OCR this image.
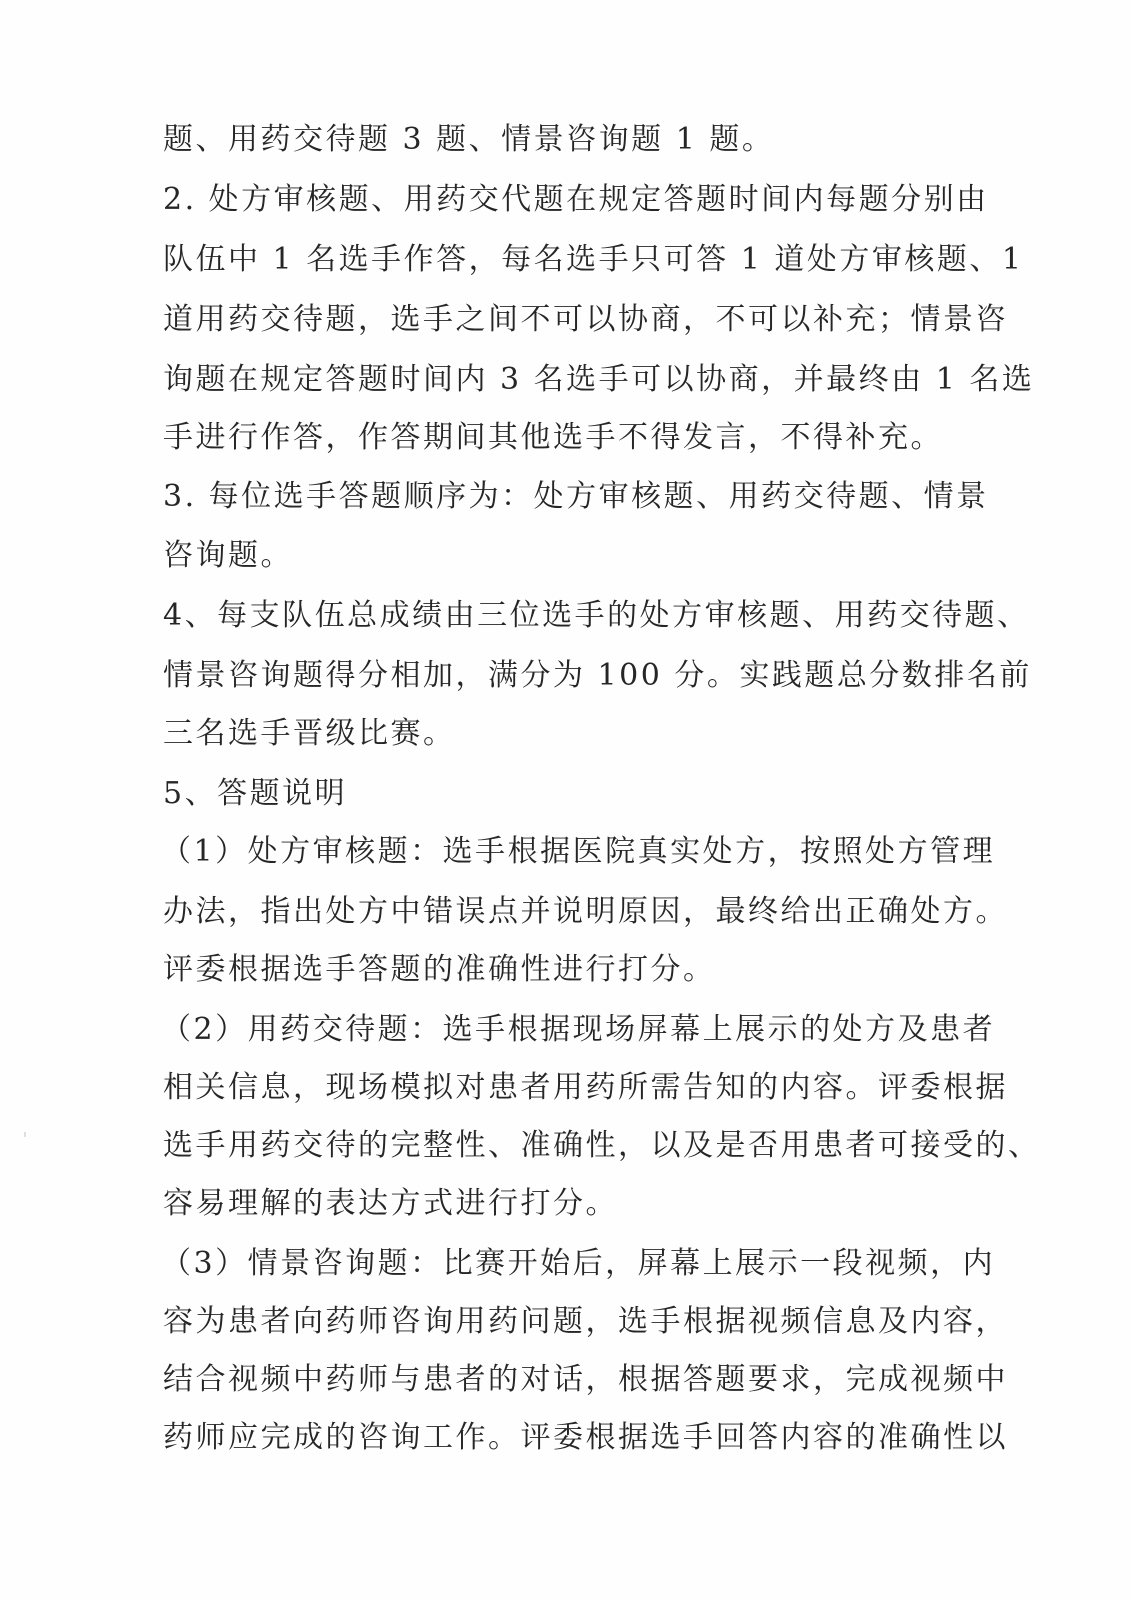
题、用药交待题 3 题、情景咨询题 1 题。
2. 处方审核题、用药交代题在规定答题时间内每题分别由
队伍中 1 名选手作答，每名选手只可答 1 道处方审核题、1
道用药交待题，选手之间不可以协商，不可以补充；情景咨
询题在规定答题时间内 3 名选手可以协商，并最终由 1 名选
手进行作答，作答期间其他选手不得发言，不得补充。
3. 每位选手答题顺序为：处方审核题、用药交待题、情景
咨询题。
4、每支队伍总成绩由三位选手的处方审核题、用药交待题、
情景咨询题得分相加，满分为 100 分。实践题总分数排名前
三名选手晋级比赛。
5、答题说明
（1）处方审核题：选手根据医院真实处方，按照处方管理
办法，指出处方中错误点并说明原因，最终给出正确处方。
评委根据选手答题的准确性进行打分。
（2）用药交待题：选手根据现场屏幕上展示的处方及患者
相关信息，现场模拟对患者用药所需告知的内容。评委根据
选手用药交待的完整性、准确性，以及是否用患者可接受的、
容易理解的表达方式进行打分。
（3）情景咨询题：比赛开始后，屏幕上展示一段视频，内
容为患者向药师咨询用药问题，选手根据视频信息及内容，
结合视频中药师与患者的对话，根据答题要求，完成视频中
药师应完成的咨询工作。评委根据选手回答内容的准确性以
